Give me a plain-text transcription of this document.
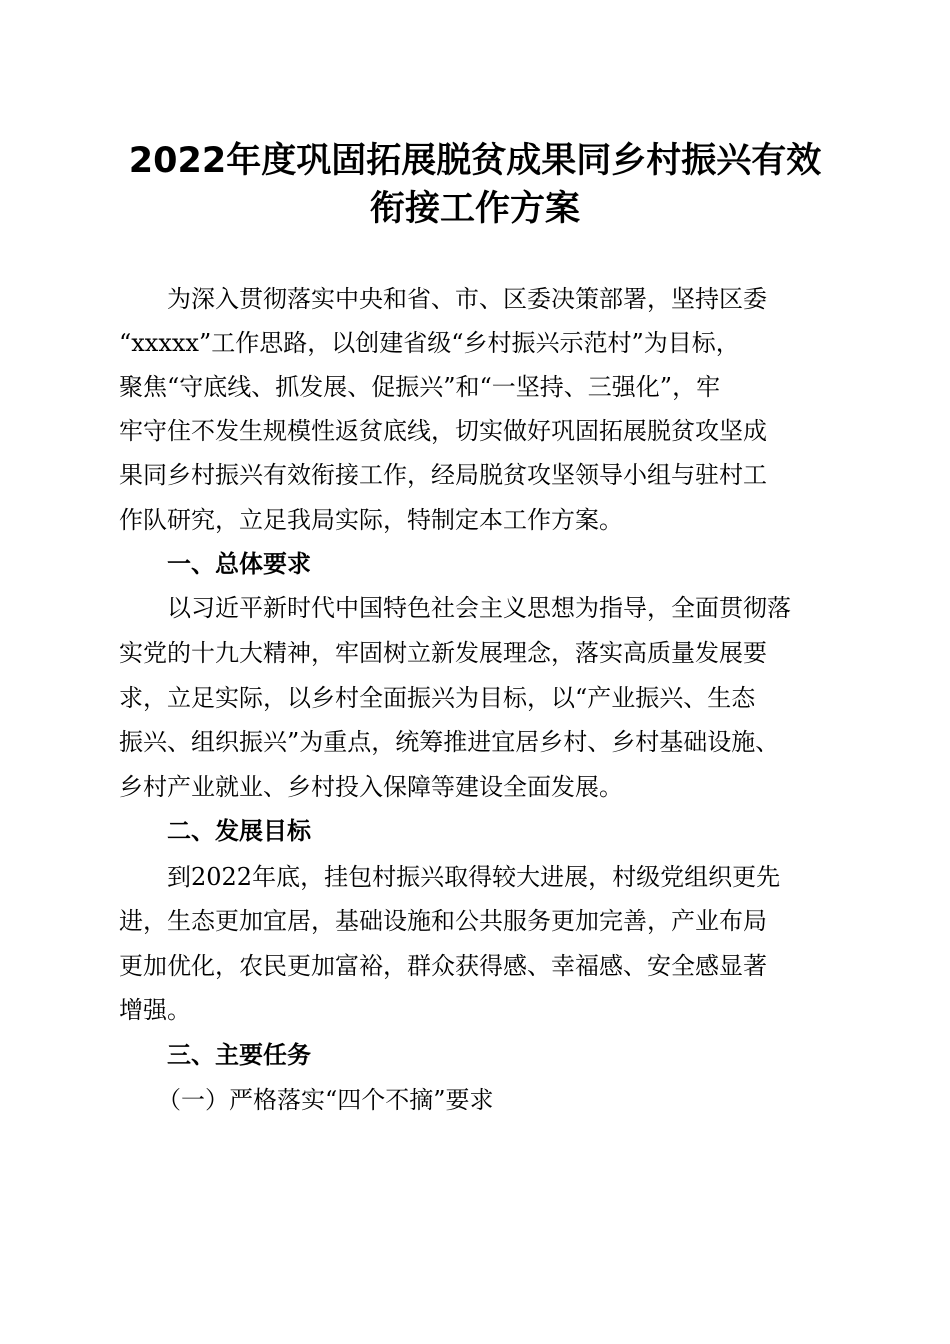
2022年度巩固拓展脱贫成果同乡村振兴有效
衔接工作方案

为深入贯彻落实中央和省、市、区委决策部署，坚持区委

“xxxxx”工作思路，以创建省级“乡村振兴示范村”为目标，

聚焦“守底线、抓发展、促振兴”和“一坚持、三强化”，牢

牢守住不发生规模性返贫底线，切实做好巩固拓展脱贫攻坚成

果同乡村振兴有效衔接工作，经局脱贫攻坚领导小组与驻村工

作队研究，立足我局实际，特制定本工作方案。

一、总体要求

以习近平新时代中国特色社会主义思想为指导，全面贯彻落

实党的十九大精神，牢固树立新发展理念，落实高质量发展要

求，立足实际，以乡村全面振兴为目标，以“产业振兴、生态

振兴、组织振兴”为重点，统筹推进宜居乡村、乡村基础设施、

乡村产业就业、乡村投入保障等建设全面发展。

二、发展目标

到2022年底，挂包村振兴取得较大进展，村级党组织更先

进，生态更加宜居，基础设施和公共服务更加完善，产业布局

更加优化，农民更加富裕，群众获得感、幸福感、安全感显著

增强。

三、主要任务

（一）严格落实“四个不摘”要求
